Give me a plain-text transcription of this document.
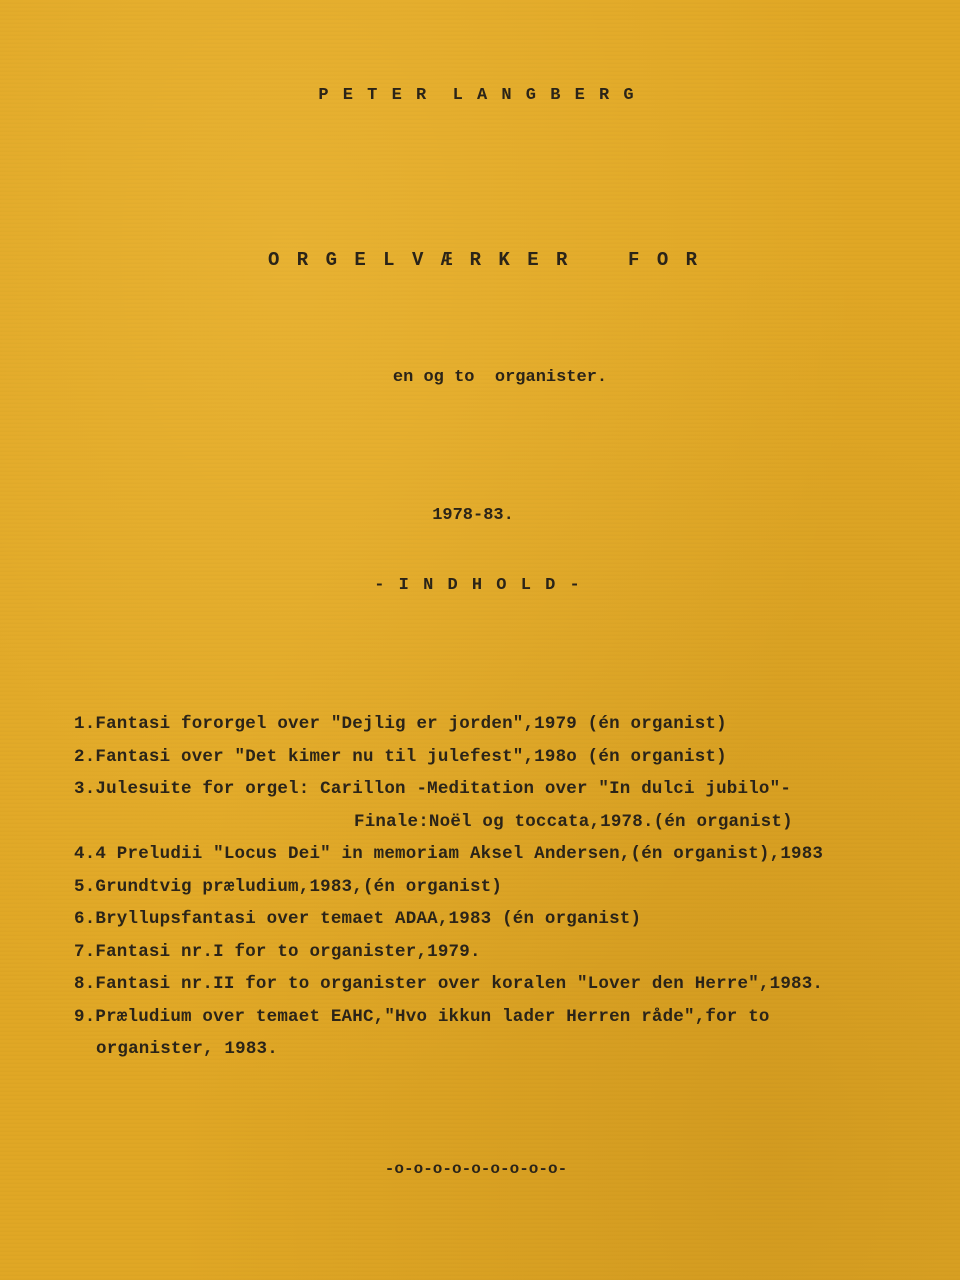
P E T E R  L A N G B E R G
O R G E L V Æ R K E R    F O R
en og to  organister.
1978-83.
- I N D H O L D -
1.Fantasi fororgel over "Dejlig er jorden",1979 (én organist)
2.Fantasi over "Det kimer nu til julefest",198o (én organist)
3.Julesuite for orgel: Carillon -Meditation over "In dulci jubilo"-
Finale:Noël og toccata,1978.(én organist)
4.4 Preludii "Locus Dei" in memoriam Aksel Andersen,(én organist),1983
5.Grundtvig præludium,1983,(én organist)
6.Bryllupsfantasi over temaet ADAA,1983 (én organist)
7.Fantasi nr.I for to organister,1979.
8.Fantasi nr.II for to organister over koralen "Lover den Herre",1983.
9.Præludium over temaet EAHC,"Hvo ikkun lader Herren råde",for to
organister, 1983.
-o-o-o-o-o-o-o-o-o-
